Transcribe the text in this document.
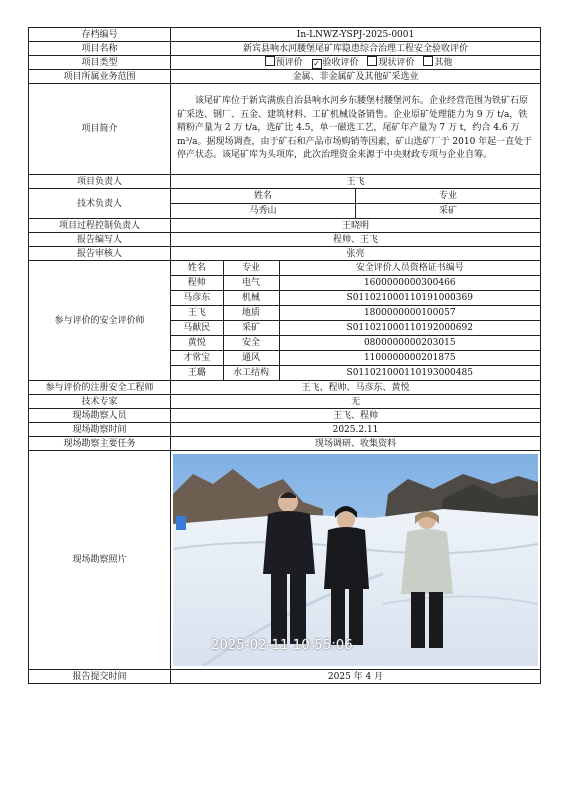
存档编号	In-LNWZ-YSPJ-2025-0001
项目名称	新宾县响水河腰堡尾矿库隐患综合治理工程安全验收评价
项目类型	预评价 ✓ 验收评价 现状评价 其他
项目所属业务范围	金属、非金属矿及其他矿采选业
项目简介	该尾矿库位于新宾满族自治县响水河乡东腰堡村腰堡河东。企业经营范围为铁矿石原矿采选、钢厂、五金、建筑材料、工矿机械设备销售。企业原矿处理能力为 9 万 t/a，铁精粉产量为 2 万 t/a，选矿比 4.5，单一磁选工艺，尾矿年产量为 7 万 t，约合 4.6 万 m³/a。据现场调查，由于矿石和产品市场购销等因素，矿山选矿厂于 2010 年起一直处于停产状态。该尾矿库为头项库，此次治理资金来源于中央财政专项与企业自筹。
项目负责人	王飞
技术负责人	
姓名	专业
马秀山	采矿

项目过程控制负责人	王晓明
报告编写人	程帅、王飞
报告审核人	张亮
参与评价的安全评价师	
姓名	专业	安全评价人员资格证书编号
程帅	电气	1600000000300466
马彦东	机械	S011021000110191000369
王飞	地质	1800000000100057
马献民	采矿	S011021000110192000692
黄悦	安全	0800000000203015
才常宝	通风	1100000000201875
王璐	水工结构	S011021000110193000485

参与评价的注册安全工程师	王飞、程帅、马彦东、黄悦
技术专家	无
现场勘察人员	王飞、程帅
现场勘察时间	2025.2.11
现场勘察主要任务	现场调研、收集资料
现场勘察照片	
2025-02-11 10:55:06

报告提交时间	2025 年 4 月
